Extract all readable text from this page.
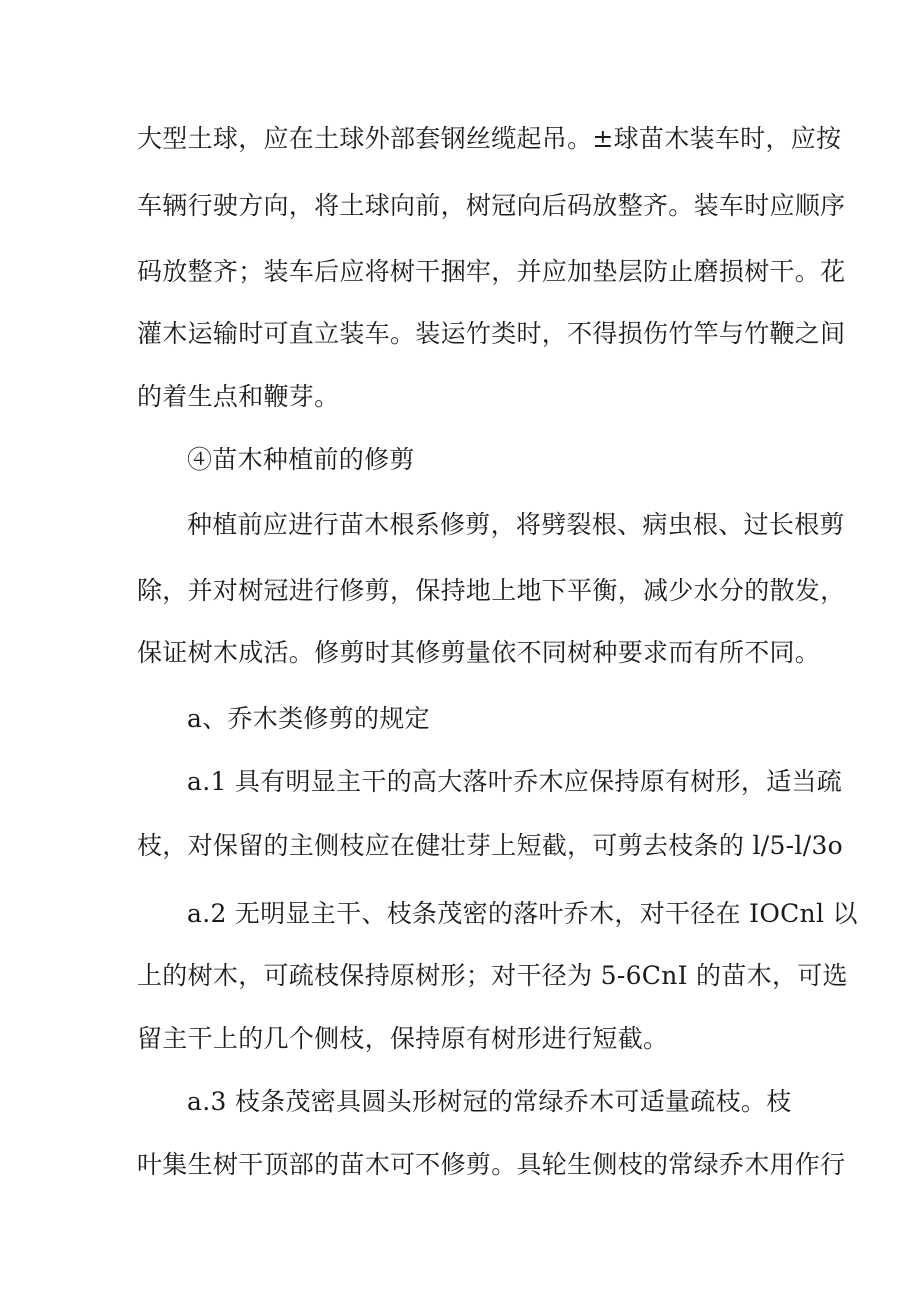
大型土球，应在土球外部套钢丝缆起吊。±球苗木装车时，应按

车辆行驶方向，将土球向前，树冠向后码放整齐。装车时应顺序

码放整齐；装车后应将树干捆牢，并应加垫层防止磨损树干。花

灌木运输时可直立装车。装运竹类时，不得损伤竹竿与竹鞭之间

的着生点和鞭芽。

④苗木种植前的修剪

种植前应进行苗木根系修剪，将劈裂根、病虫根、过长根剪

除，并对树冠进行修剪，保持地上地下平衡，减少水分的散发，

保证树木成活。修剪时其修剪量依不同树种要求而有所不同。

a、乔木类修剪的规定

a.1 具有明显主干的高大落叶乔木应保持原有树形，适当疏

枝，对保留的主侧枝应在健壮芽上短截，可剪去枝条的 l/5-l/3o

a.2 无明显主干、枝条茂密的落叶乔木，对干径在 IOCnl 以

上的树木，可疏枝保持原树形；对干径为 5-6CnI 的苗木，可选

留主干上的几个侧枝，保持原有树形进行短截。

a.3 枝条茂密具圆头形树冠的常绿乔木可适量疏枝。枝

叶集生树干顶部的苗木可不修剪。具轮生侧枝的常绿乔木用作行
